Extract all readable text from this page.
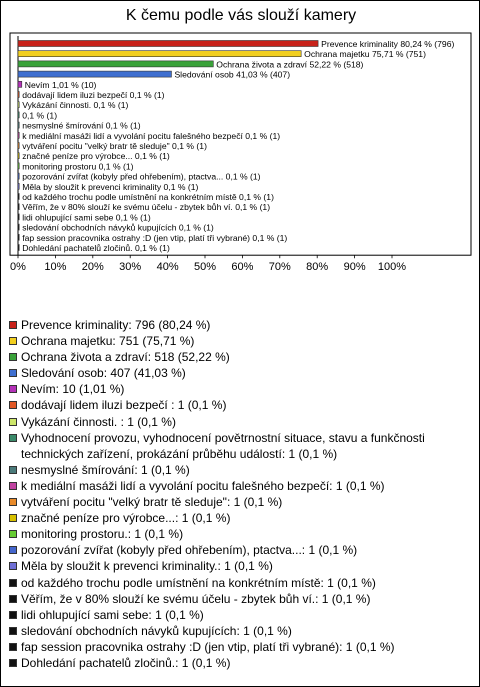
K čemu podle vás slouží kamery
Prevence kriminality 80,24 % (796)
Ochrana majetku 75,71 % (751)
Ochrana života a zdraví 52,22 % (518)
Sledování osob 41,03 % (407)
Nevím 1,01 % (10)
dodávají lidem iluzi bezpečí 0,1 % (1)
Vykázání činnosti. 0,1 % (1)
0,1 % (1)
nesmyslné šmírování 0,1 % (1)
k mediální masáži lidí a vyvolání pocitu falešného bezpečí 0,1 % (1)
vytváření pocitu "velký bratr tě sleduje" 0,1 % (1)
značné peníze pro výrobce... 0,1 % (1)
monitoring prostoru 0,1 % (1)
pozorování zvířat (kobyly před ohřebením), ptactva... 0,1 % (1)
Měla by sloužit k prevenci kriminality 0,1 % (1)
od každého trochu podle umístnění na konkrétním místě 0,1 % (1)
Věřím, že v 80% slouží ke svému účelu - zbytek bůh ví. 0,1 % (1)
lidi ohlupující sami sebe 0,1 % (1)
sledování obchodních návyků kupujících 0,1 % (1)
fap session pracovnika ostrahy :D (jen vtip, platí tři vybrané) 0,1 % (1)
Dohledání pachatelů zločinů. 0,1 % (1)
0% 10% 20% 30% 40% 50% 60% 70% 80% 90% 100%
Prevence kriminality: 796 (80,24 %)
Ochrana majetku: 751 (75,71 %)
Ochrana života a zdraví: 518 (52,22 %)
Sledování osob: 407 (41,03 %)
Nevím: 10 (1,01 %)
dodávají lidem iluzi bezpečí : 1 (0,1 %)
Vykázání činnosti. : 1 (0,1 %)
Vyhodnocení provozu, vyhodnocení povětrnostní situace, stavu a funkčnosti technických zařízení, prokázání průběhu událostí: 1 (0,1 %)
nesmyslné šmírování: 1 (0,1 %)
k mediální masáži lidí a vyvolání pocitu falešného bezpečí: 1 (0,1 %)
vytváření pocitu "velký bratr tě sleduje": 1 (0,1 %)
značné peníze pro výrobce...: 1 (0,1 %)
monitoring prostoru.: 1 (0,1 %)
pozorování zvířat (kobyly před ohřebením), ptactva...: 1 (0,1 %)
Měla by sloužit k prevenci kriminality.: 1 (0,1 %)
od každého trochu podle umístnění na konkrétním místě: 1 (0,1 %)
Věřím, že v 80% slouží ke svému účelu - zbytek bůh ví.: 1 (0,1 %)
lidi ohlupující sami sebe: 1 (0,1 %)
sledování obchodních návyků kupujících: 1 (0,1 %)
fap session pracovnika ostrahy :D (jen vtip, platí tři vybrané): 1 (0,1 %)
Dohledání pachatelů zločinů.: 1 (0,1 %)
